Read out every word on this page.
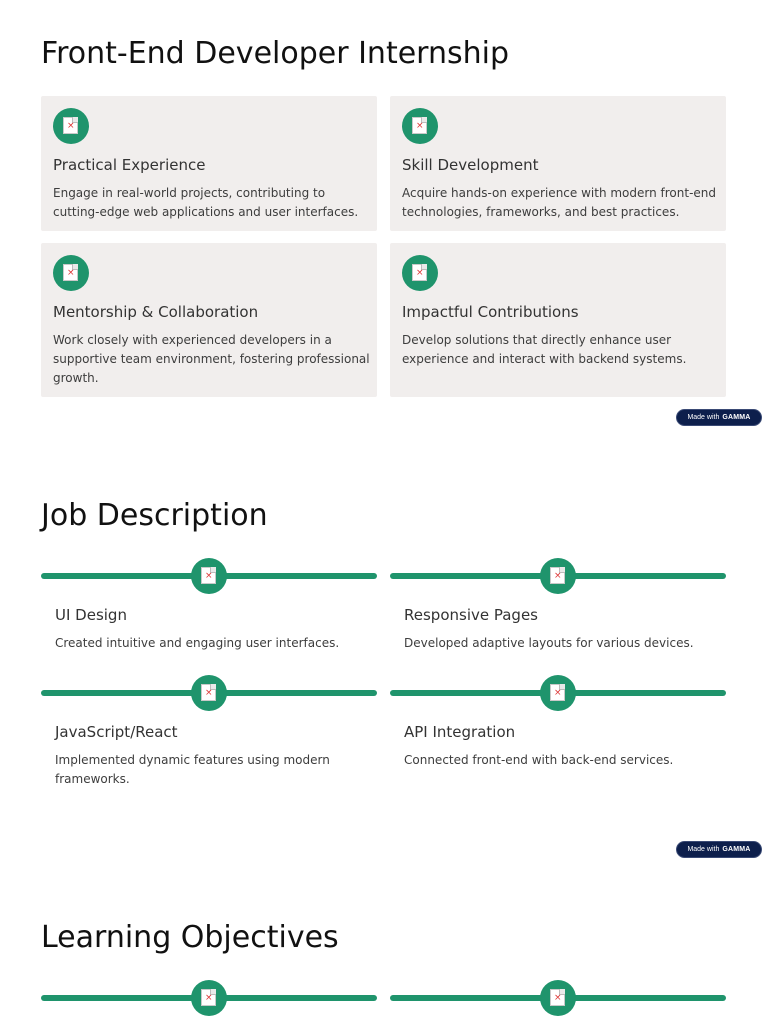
Front-End Developer Internship
×
Practical Experience

Engage in real-world projects, contributing to cutting-edge web applications and user interfaces.

×
Skill Development

Acquire hands-on experience with modern front-end technologies, frameworks, and best practices.

×
Mentorship & Collaboration

Work closely with experienced developers in a supportive team environment, fostering professional growth.

×
Impactful Contributions

Develop solutions that directly enhance user experience and interact with backend systems.

Made with GAMMA
Job Description
×
UI Design

Created intuitive and engaging user interfaces.

×
Responsive Pages

Developed adaptive layouts for various devices.

×
JavaScript/React

Implemented dynamic features using modern frameworks.

×
API Integration

Connected front-end with back-end services.

Made with GAMMA
Learning Objectives
×
×
